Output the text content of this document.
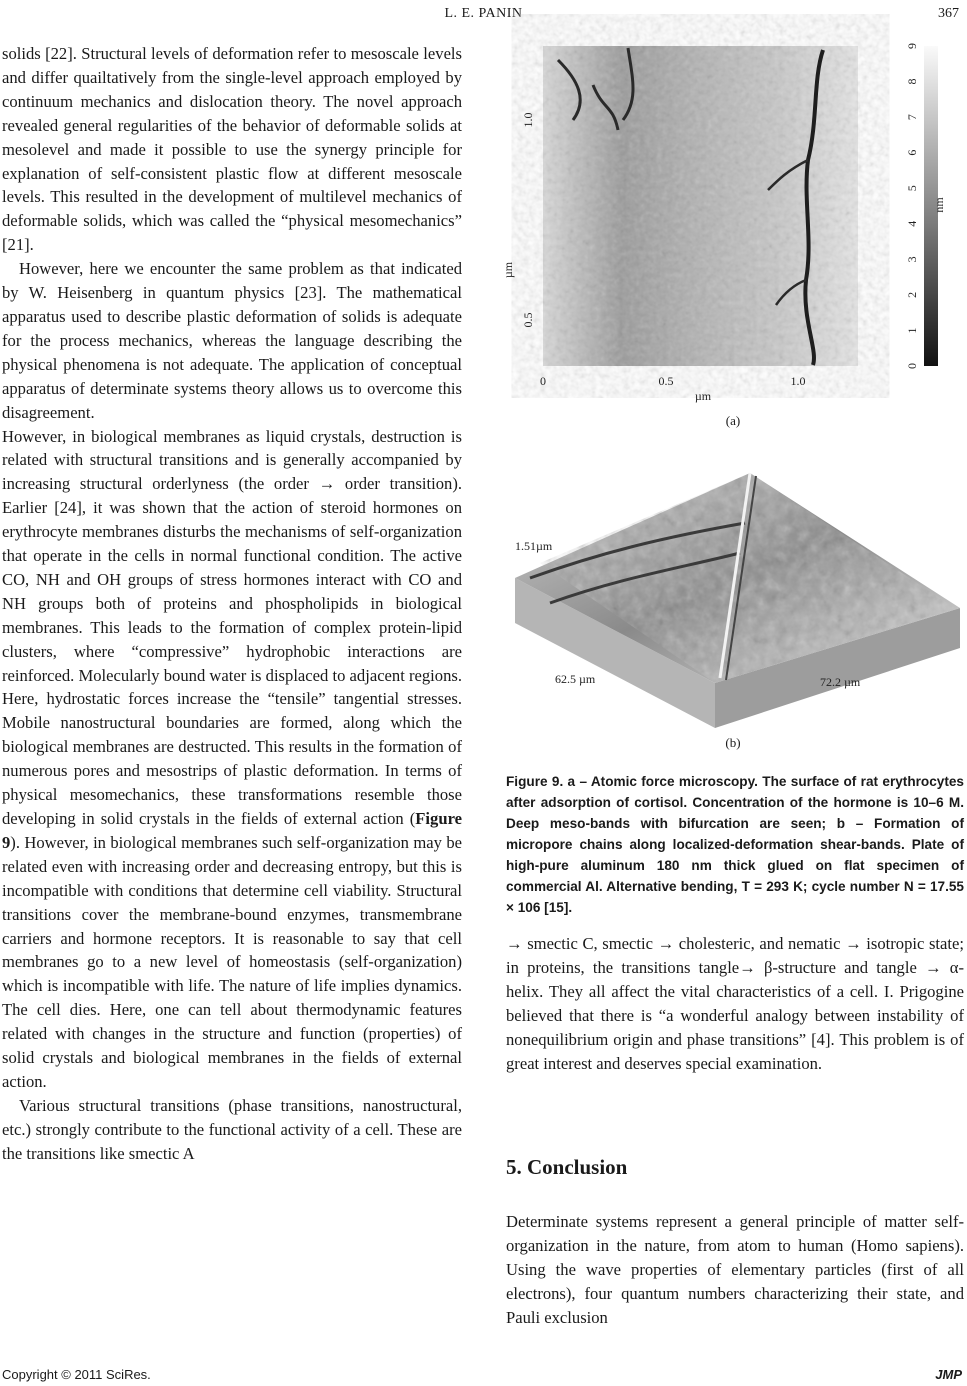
L. E. PANIN	367

solids [22]. Structural levels of deformation refer to mesoscale levels and differ quailtatively from the single-level approach employed by continuum mechanics and dislocation theory. The novel approach revealed general regularities of the behavior of deformable solids at mesolevel and made it possible to use the synergy principle for explanation of self-consistent plastic flow at different mesoscale levels. This resulted in the development of multilevel mechanics of deformable solids, which was called the “physical mesomechanics” [21].

However, here we encounter the same problem as that indicated by W. Heisenberg in quantum physics [23]. The mathematical apparatus used to describe plastic deformation of solids is adequate for the process mechanics, whereas the language describing the physical phenomena is not adequate. The application of conceptual apparatus of determinate systems theory allows us to overcome this disagreement.

However, in biological membranes as liquid crystals, destruction is related with structural transitions and is generally accompanied by increasing structural orderlyness (the order → order transition). Earlier [24], it was shown that the action of steroid hormones on erythrocyte membranes disturbs the mechanisms of self-organization that operate in the cells in normal functional condition. The active CO, NH and OH groups of stress hormones interact with CO and NH groups both of proteins and phospholipids in biological membranes. This leads to the formation of complex protein-lipid clusters, where “compressive” hydrophobic interactions are reinforced. Molecularly bound water is displaced to adjacent regions. Here, hydrostatic forces increase the “tensile” tangential stresses. Mobile nanostructural boundaries are formed, along which the biological membranes are destructed. This results in the formation of numerous pores and mesostrips of plastic deformation. In terms of physical mesomechanics, these transformations resemble those developing in solid crystals in the fields of external action (Figure 9). However, in biological membranes such self-organization may be related even with increasing order and decreasing entropy, but this is incompatible with conditions that determine cell viability. Structural transitions cover the membrane-bound enzymes, transmembrane carriers and hormone receptors. It is reasonable to say that cell membranes go to a new level of homeostasis (self-organization) which is incompatible with life. The nature of life implies dynamics. The cell dies. Here, one can tell about thermodynamic features related with changes in the structure and function (properties) of solid crystals and biological membranes in the fields of external action.

Various structural transitions (phase transitions, nanostructural, etc.) strongly contribute to the functional activity of a cell. These are the transitions like smectic A

0
1
2
3
4
5
6
7
8
9
nm
0.5
1.0
µm
0	0.5	1.0
µm
(a)
1.51µm
62.5 µm	72.2 µm
(b)
Figure 9. a – Atomic force microscopy. The surface of rat erythrocytes after adsorption of cortisol. Concentration of the hormone is 10–6 M. Deep meso-bands with bifurcation are seen; b – Formation of micropore chains along localized-deformation shear-bands. Plate of high-pure aluminum 180 nm thick glued on flat specimen of commercial Al. Alternative bending, T = 293 K; cycle number N = 17.55 × 106 [15].

→ smectic C, smectic → cholesteric, and nematic → isotropic state; in proteins, the transitions tangle→ β-structure and tangle → α-helix. They all affect the vital characteristics of a cell. I. Prigogine believed that there is “a wonderful analogy between instability of nonequilibrium origin and phase transitions” [4]. This problem is of great interest and deserves special examination.

5. Conclusion
Determinate systems represent a general principle of matter self-organization in the nature, from atom to human (Homo sapiens). Using the wave properties of elementary particles (first of all electrons), four quantum numbers characterizing their state, and Pauli exclusion
Copyright © 2011 SciRes.	JMP
